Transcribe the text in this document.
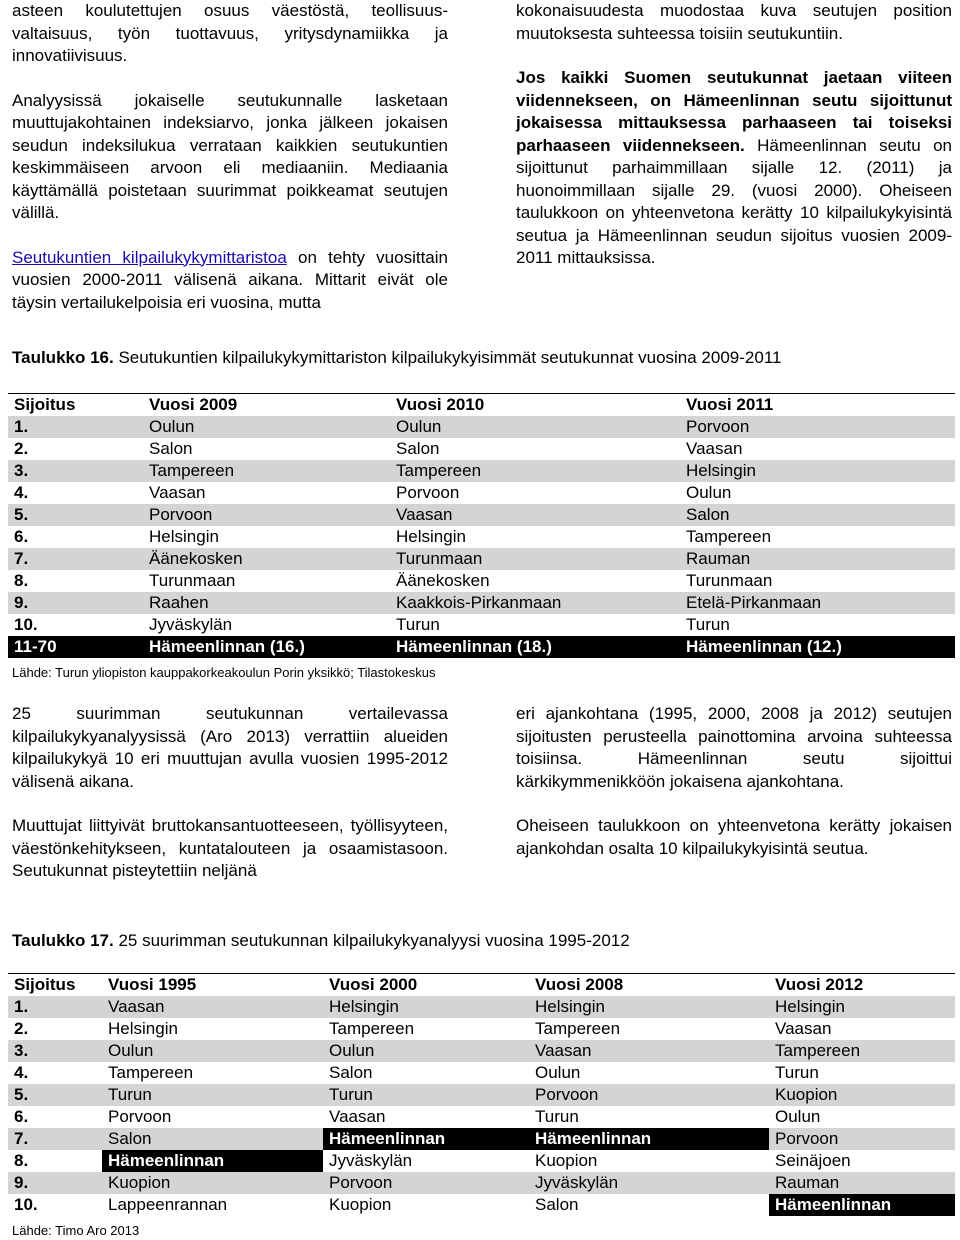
asteen koulutettujen osuus väestöstä, teollisuus-valtaisuus, työn tuottavuus, yritysdynamiikka ja innovatiivisuus.

Analyysissä jokaiselle seutukunnalle lasketaan muuttujakohtainen indeksiarvo, jonka jälkeen jokaisen seudun indeksilukua verrataan kaikkien seutukuntien keskimmäiseen arvoon eli mediaaniin. Mediaania käyttämällä poistetaan suurimmat poikkeamat seutujen välillä.

Seutukuntien kilpailukykymittaristoa on tehty vuosittain vuosien 2000-2011 välisenä aikana. Mittarit eivät ole täysin vertailukelpoisia eri vuosina, mutta

kokonaisuudesta muodostaa kuva seutujen position muutoksesta suhteessa toisiin seutukuntiin.

Jos kaikki Suomen seutukunnat jaetaan viiteen viidennekseen, on Hämeenlinnan seutu sijoittunut jokaisessa mittauksessa parhaaseen tai toiseksi parhaaseen viidennekseen. Hämeenlinnan seutu on sijoittunut parhaimmillaan sijalle 12. (2011) ja huonoimmillaan sijalle 29. (vuosi 2000). Oheiseen taulukkoon on yhteenvetona kerätty 10 kilpailukykyisintä seutua ja Hämeenlinnan seudun sijoitus vuosien 2009-2011 mittauksissa.

Taulukko 16. Seutukuntien kilpailukykymittariston kilpailukykyisimmät seutukunnat vuosina 2009-2011
Sijoitus	Vuosi 2009	Vuosi 2010	Vuosi 2011
1.	Oulun	Oulun	Porvoon
2.	Salon	Salon	Vaasan
3.	Tampereen	Tampereen	Helsingin
4.	Vaasan	Porvoon	Oulun
5.	Porvoon	Vaasan	Salon
6.	Helsingin	Helsingin	Tampereen
7.	Äänekosken	Turunmaan	Rauman
8.	Turunmaan	Äänekosken	Turunmaan
9.	Raahen	Kaakkois-Pirkanmaan	Etelä-Pirkanmaan
10.	Jyväskylän	Turun	Turun
11-70	Hämeenlinnan (16.)	Hämeenlinnan (18.)	Hämeenlinnan (12.)
Lähde: Turun yliopiston kauppakorkeakoulun Porin yksikkö; Tilastokeskus

25 suurimman seutukunnan vertailevassa kilpailukykyanalyysissä (Aro 2013) verrattiin alueiden kilpailukykyä 10 eri muuttujan avulla vuosien 1995-2012 välisenä aikana.

Muuttujat liittyivät bruttokansantuotteeseen, työllisyyteen, väestönkehitykseen, kuntatalouteen ja osaamistasoon. Seutukunnat pisteytettiin neljänä

eri ajankohtana (1995, 2000, 2008 ja 2012) seutujen sijoitusten perusteella painottomina arvoina suhteessa toisiinsa. Hämeenlinnan seutu sijoittui kärkikymmenikköön jokaisena ajankohtana.

Oheiseen taulukkoon on yhteenvetona kerätty jokaisen ajankohdan osalta 10 kilpailukykyisintä seutua.

Taulukko 17. 25 suurimman seutukunnan kilpailukykyanalyysi vuosina 1995-2012
Sijoitus	Vuosi 1995	Vuosi 2000	Vuosi 2008	Vuosi 2012
1.	Vaasan	Helsingin	Helsingin	Helsingin
2.	Helsingin	Tampereen	Tampereen	Vaasan
3.	Oulun	Oulun	Vaasan	Tampereen
4.	Tampereen	Salon	Oulun	Turun
5.	Turun	Turun	Porvoon	Kuopion
6.	Porvoon	Vaasan	Turun	Oulun
7.	Salon	Hämeenlinnan	Hämeenlinnan	Porvoon
8.	Hämeenlinnan	Jyväskylän	Kuopion	Seinäjoen
9.	Kuopion	Porvoon	Jyväskylän	Rauman
10.	Lappeenrannan	Kuopion	Salon	Hämeenlinnan
Lähde: Timo Aro 2013
